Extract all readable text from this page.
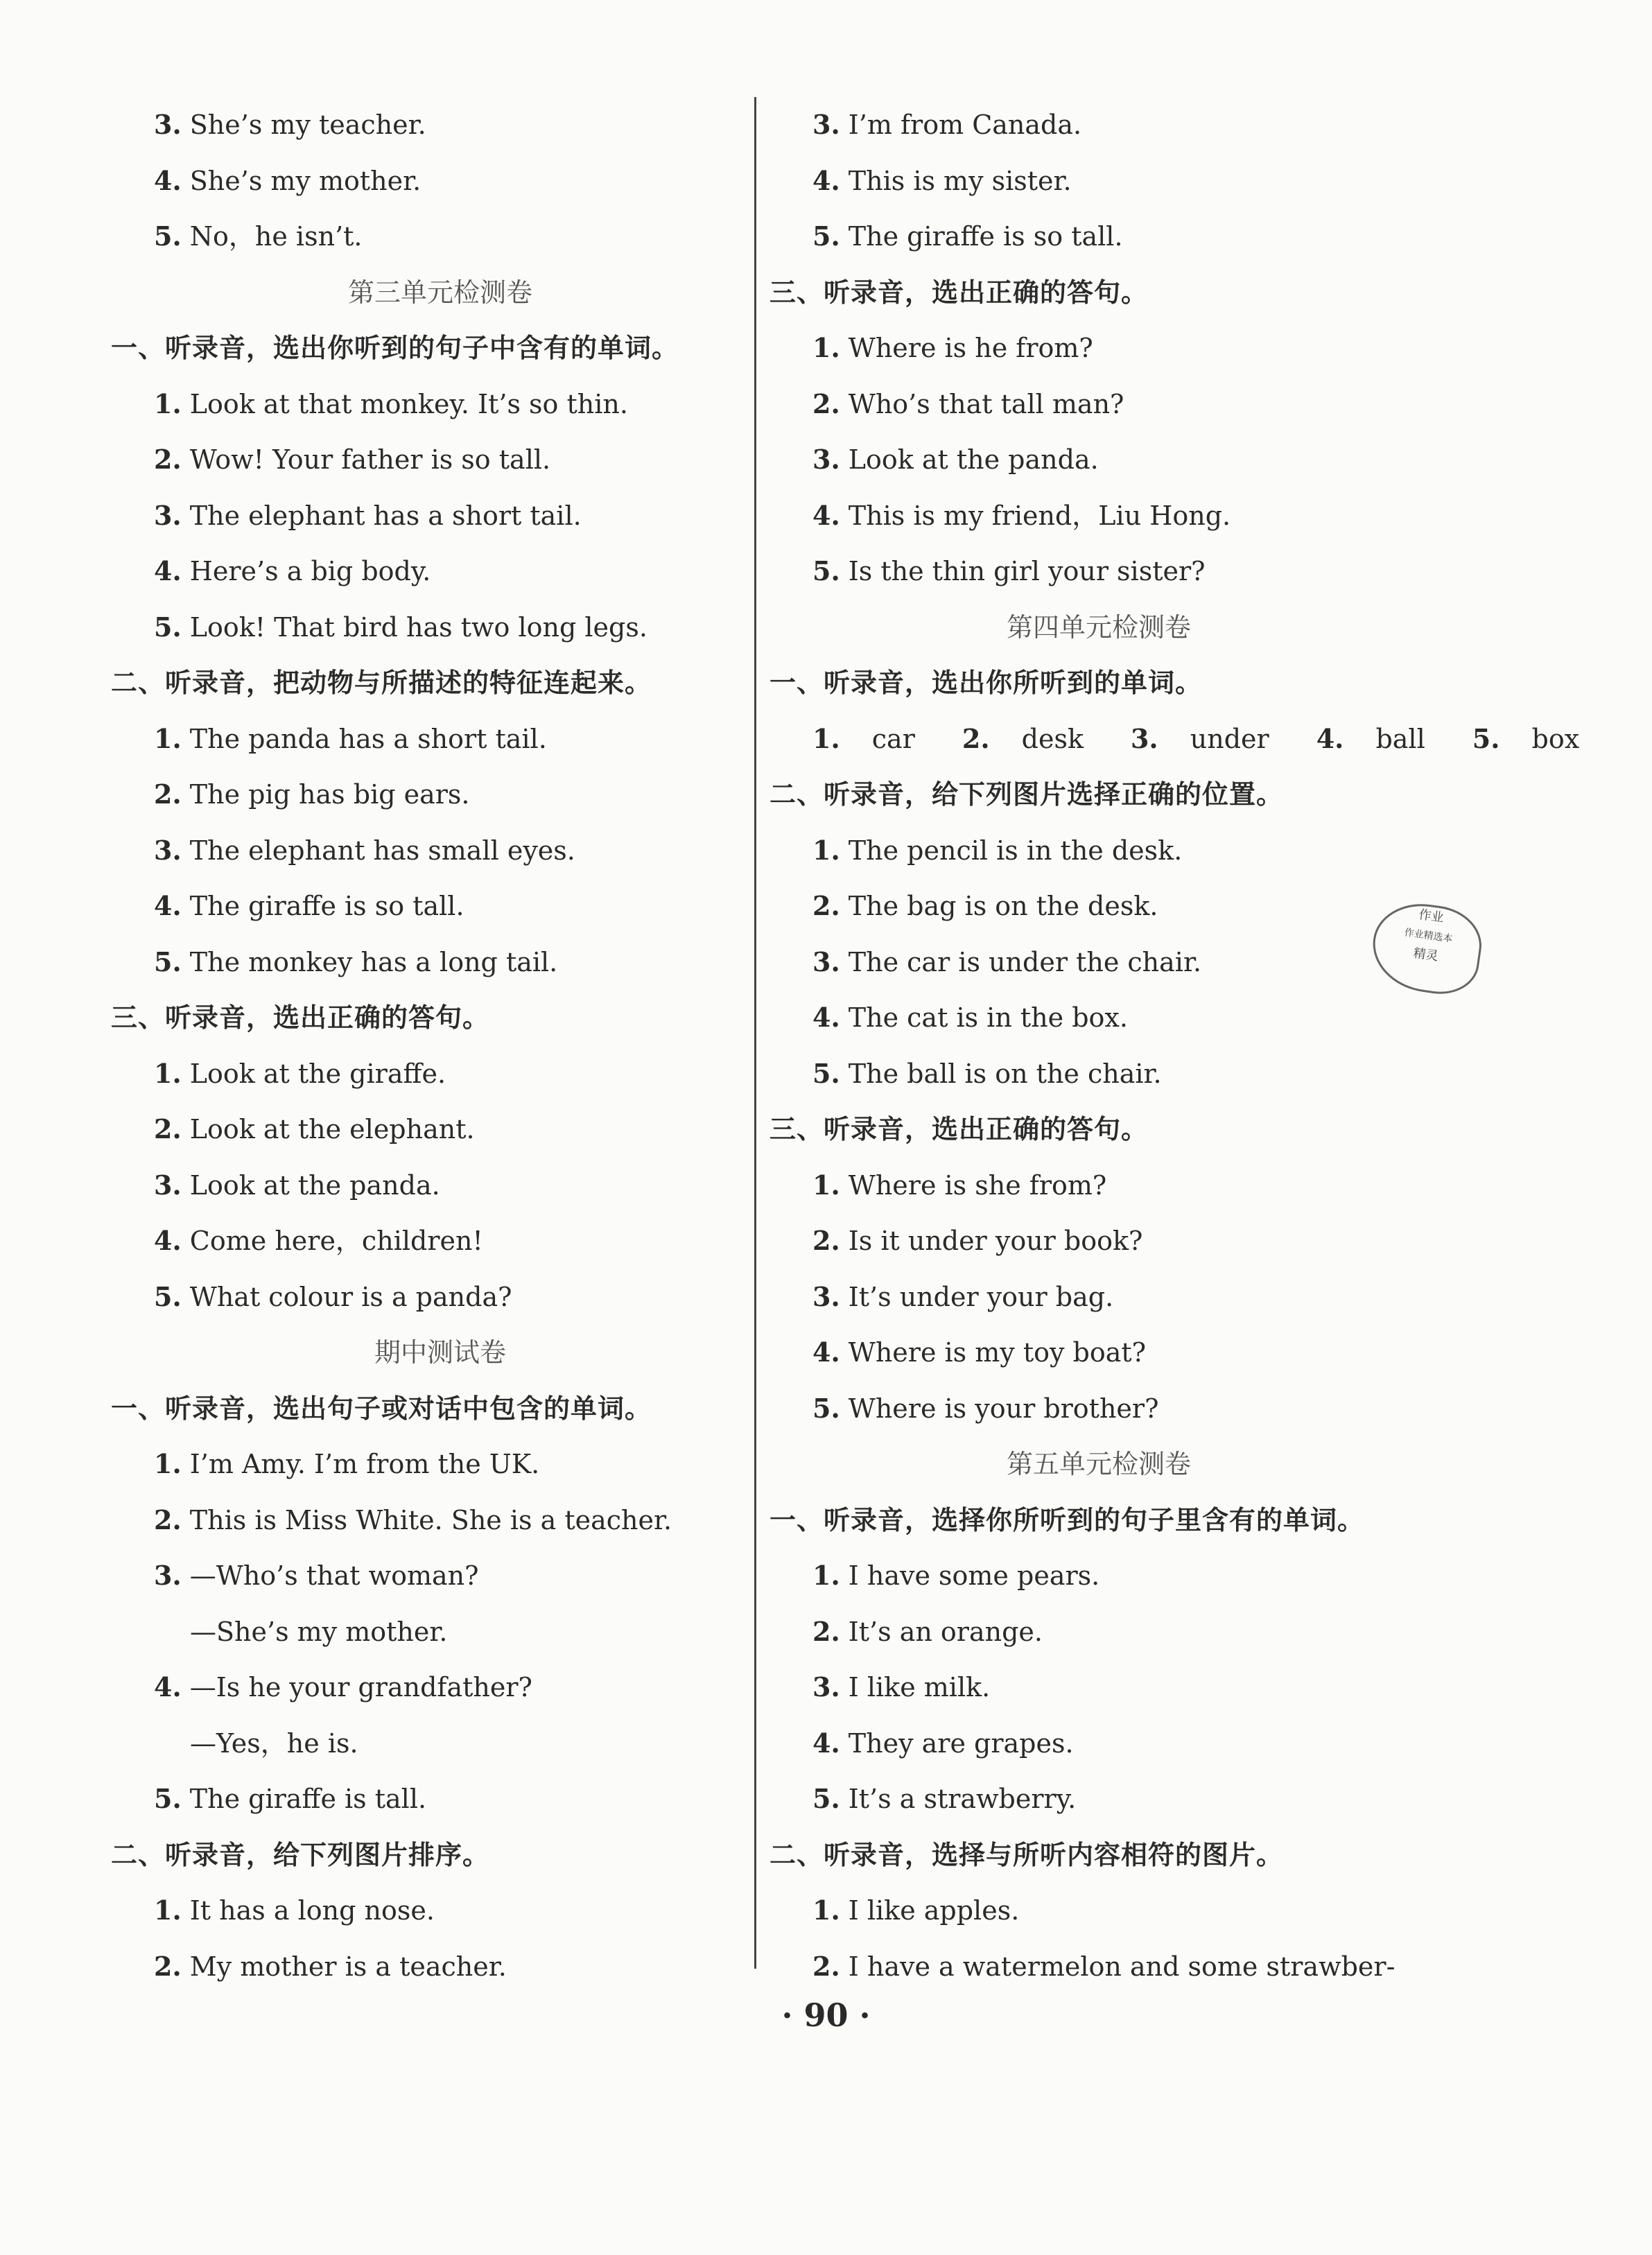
3. She’s my teacher.
4. She’s my mother.
5. No，he isn’t.
第三单元检测卷
一、听录音，选出你听到的句子中含有的单词。
1. Look at that monkey. It’s so thin.
2. Wow! Your father is so tall.
3. The elephant has a short tail.
4. Here’s a big body.
5. Look! That bird has two long legs.
二、听录音，把动物与所描述的特征连起来。
1. The panda has a short tail.
2. The pig has big ears.
3. The elephant has small eyes.
4. The giraffe is so tall.
5. The monkey has a long tail.
三、听录音，选出正确的答句。
1. Look at the giraffe.
2. Look at the elephant.
3. Look at the panda.
4. Come here，children!
5. What colour is a panda?
期中测试卷
一、听录音，选出句子或对话中包含的单词。
1. I’m Amy. I’m from the UK.
2. This is Miss White. She is a teacher.
3. —Who’s that woman?
—She’s my mother.
4. —Is he your grandfather?
—Yes，he is.
5. The giraffe is tall.
二、听录音，给下列图片排序。
1. It has a long nose.
2. My mother is a teacher.
3. I’m from Canada.
4. This is my sister.
5. The giraffe is so tall.
三、听录音，选出正确的答句。
1. Where is he from?
2. Who’s that tall man?
3. Look at the panda.
4. This is my friend，Liu Hong.
5. Is the thin girl your sister?
第四单元检测卷
一、听录音，选出你所听到的单词。
1. car 2. desk 3. under 4. ball 5. box
二、听录音，给下列图片选择正确的位置。
1. The pencil is in the desk.
2. The bag is on the desk.
3. The car is under the chair.
4. The cat is in the box.
5. The ball is on the chair.
三、听录音，选出正确的答句。
1. Where is she from?
2. Is it under your book?
3. It’s under your bag.
4. Where is my toy boat?
5. Where is your brother?
第五单元检测卷
一、听录音，选择你所听到的句子里含有的单词。
1. I have some pears.
2. It’s an orange.
3. I like milk.
4. They are grapes.
5. It’s a strawberry.
二、听录音，选择与所听内容相符的图片。
1. I like apples.
2. I have a watermelon and some strawber-
作业
作业精选本
精灵
· 90 ·
